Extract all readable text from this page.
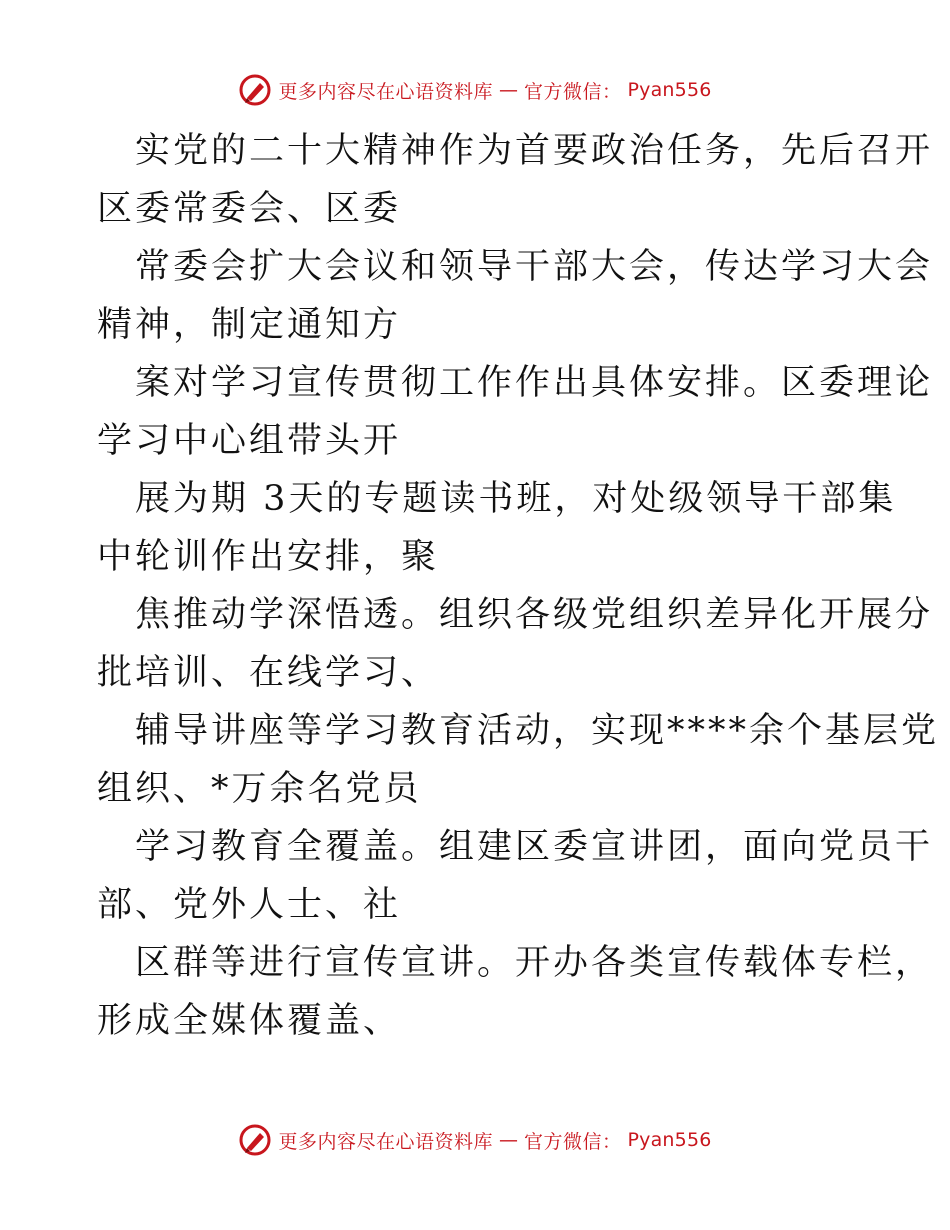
更多内容尽在心语资料库 — 官方微信： Pyan556
实党的二十大精神作为首要政治任务，先后召开
区委常委会、区委
常委会扩大会议和领导干部大会，传达学习大会
精神，制定通知方
案对学习宣传贯彻工作作出具体安排。区委理论
学习中心组带头开
展为期 3天的专题读书班，对处级领导干部集
中轮训作出安排，聚
焦推动学深悟透。组织各级党组织差异化开展分
批培训、在线学习、
辅导讲座等学习教育活动，实现****余个基层党
组织、*万余名党员
学习教育全覆盖。组建区委宣讲团，面向党员干
部、党外人士、社
区群等进行宣传宣讲。开办各类宣传载体专栏，
形成全媒体覆盖、
更多内容尽在心语资料库 — 官方微信： Pyan556
